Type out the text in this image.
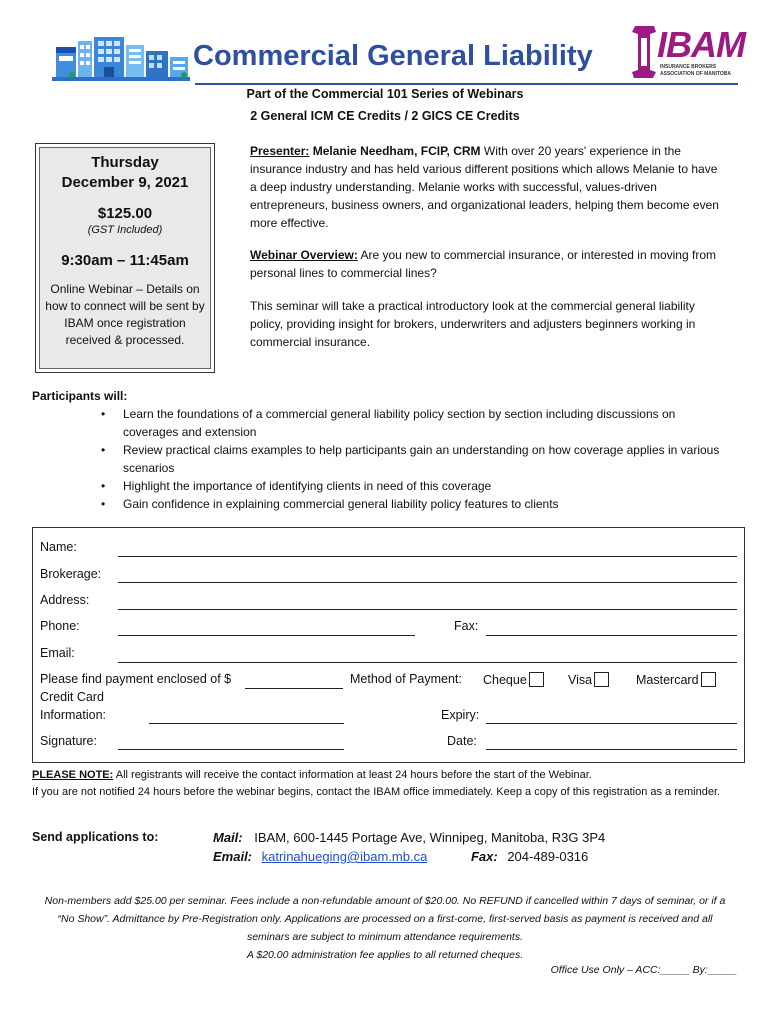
Commercial General Liability IBAM
INSURANCE BROKERS ASSOCIATION OF MANITOBA
Part of the Commercial 101 Series of Webinars
2 General ICM CE Credits / 2 GICS CE Credits
Thursday
December 9, 2021
$125.00
(GST Included)
9:30am – 11:45am
Online Webinar – Details on how to connect will be sent by IBAM once registration received & processed.
Presenter: Melanie Needham, FCIP, CRM With over 20 years' experience in the insurance industry and has held various different positions which allows Melanie to have a deep industry understanding. Melanie works with successful, values-driven entrepreneurs, business owners, and organizational leaders, helping them become even more effective.
Webinar Overview: Are you new to commercial insurance, or interested in moving from personal lines to commercial lines?
This seminar will take a practical introductory look at the commercial general liability policy, providing insight for brokers, underwriters and adjusters beginners working in commercial insurance.
Participants will:
• Learn the foundations of a commercial general liability policy section by section including discussions on coverages and extension
• Review practical claims examples to help participants gain an understanding on how coverage applies in various scenarios
• Highlight the importance of identifying clients in need of this coverage
• Gain confidence in explaining commercial general liability policy features to clients
Name:
Brokerage:
Address:
Phone:	Fax:
Email:
Please find payment enclosed of $	Method of Payment: Cheque	Visa	Mastercard
Credit Card
Information:	Expiry:
Signature:	Date:
PLEASE NOTE: All registrants will receive the contact information at least 24 hours before the start of the Webinar.
If you are not notified 24 hours before the webinar begins, contact the IBAM office immediately. Keep a copy of this registration as a reminder.
Send applications to:	Mail: IBAM, 600-1445 Portage Ave, Winnipeg, Manitoba, R3G 3P4
Email: katrinahueging@ibam.mb.ca	Fax: 204-489-0316
Non-members add $25.00 per seminar. Fees include a non-refundable amount of $20.00. No REFUND if cancelled within 7 days of seminar, or if a “No Show”. Admittance by Pre-Registration only. Applications are processed on a first-come, first-served basis as payment is received and all seminars are subject to minimum attendance requirements.
A $20.00 administration fee applies to all returned cheques.
Office Use Only – ACC:_____ By:_____
